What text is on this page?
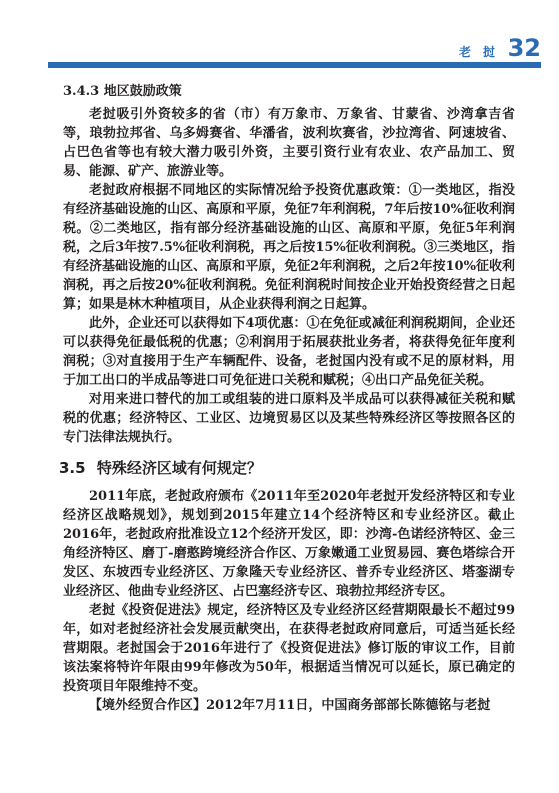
老 挝 32
3.4.3 地区鼓励政策

老挝吸引外资较多的省（市）有万象市、万象省、甘蒙省、沙湾拿吉省等，琅勃拉邦省、乌多姆赛省、华潘省，波利坎赛省，沙拉湾省、阿速坡省、占巴色省等也有较大潜力吸引外资，主要引资行业有农业、农产品加工、贸易、能源、矿产、旅游业等。

老挝政府根据不同地区的实际情况给予投资优惠政策：①一类地区，指没有经济基础设施的山区、高原和平原，免征7年利润税，7年后按10%征收利润税。②二类地区，指有部分经济基础设施的山区、高原和平原，免征5年利润税，之后3年按7.5%征收利润税，再之后按15%征收利润税。③三类地区，指有经济基础设施的山区、高原和平原，免征2年利润税，之后2年按10%征收利润税，再之后按20%征收利润税。免征利润税时间按企业开始投资经营之日起算；如果是林木种植项目，从企业获得利润之日起算。

此外，企业还可以获得如下4项优惠：①在免征或减征利润税期间，企业还可以获得免征最低税的优惠；②利润用于拓展获批业务者，将获得免征年度利润税；③对直接用于生产车辆配件、设备，老挝国内没有或不足的原材料，用于加工出口的半成品等进口可免征进口关税和赋税；④出口产品免征关税。

对用来进口替代的加工或组装的进口原料及半成品可以获得减征关税和赋税的优惠；经济特区、工业区、边境贸易区以及某些特殊经济区等按照各区的专门法律法规执行。

3.5 特殊经济区域有何规定？

2011年底，老挝政府颁布《2011年至2020年老挝开发经济特区和专业经济区战略规划》，规划到2015年建立14个经济特区和专业经济区。截止2016年，老挝政府批准设立12个经济开发区，即：沙湾-色诺经济特区、金三角经济特区、磨丁-磨憨跨境经济合作区、万象嫩通工业贸易园、赛色塔综合开发区、东坡西专业经济区、万象隆天专业经济区、普乔专业经济区、塔銮湖专业经济区、他曲专业经济区、占巴塞经济专区、琅勃拉邦经济专区。

老挝《投资促进法》规定，经济特区及专业经济区经营期限最长不超过99年，如对老挝经济社会发展贡献突出，在获得老挝政府同意后，可适当延长经营期限。老挝国会于2016年进行了《投资促进法》修订版的审议工作，目前该法案将特许年限由99年修改为50年，根据适当情况可以延长，原已确定的投资项目年限维持不变。

【境外经贸合作区】2012年7月11日，中国商务部部长陈德铭与老挝
